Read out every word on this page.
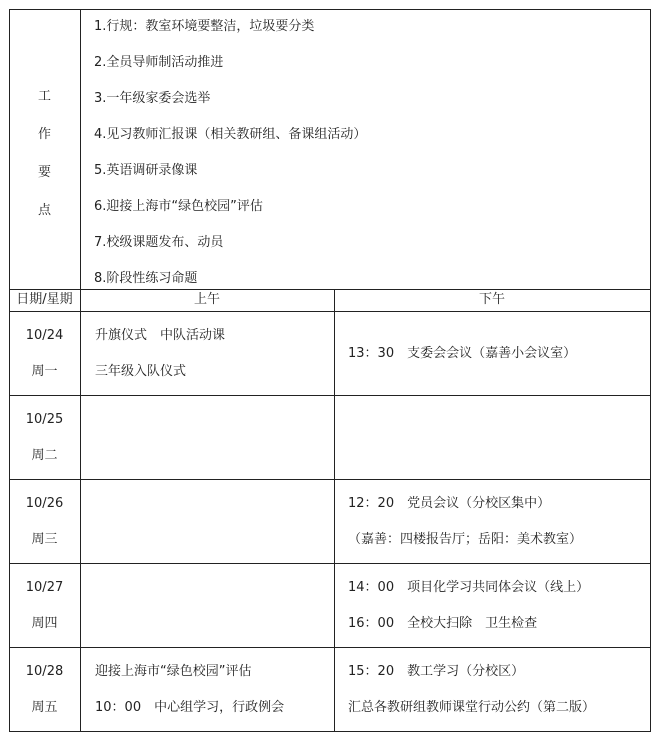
工
作
要
点
1.行规：教室环境要整洁，垃圾要分类
2.全员导师制活动推进
3.一年级家委会选举
4.见习教师汇报课（相关教研组、备课组活动）
5.英语调研录像课
6.迎接上海市“绿色校园”评估
7.校级课题发布、动员
8.阶段性练习命题
日期/星期	上午	下午
10/24
周一
升旗仪式　中队活动课
三年级入队仪式
13：30　支委会会议（嘉善小会议室）
10/25
周二
10/26
周三
12：20　党员会议（分校区集中）
（嘉善：四楼报告厅；岳阳：美术教室）
10/27
周四
14：00　项目化学习共同体会议（线上）
16：00　全校大扫除　卫生检查
10/28
周五
迎接上海市“绿色校园”评估
10：00　中心组学习，行政例会
15：20　教工学习（分校区）
汇总各教研组教师课堂行动公约（第二版）
